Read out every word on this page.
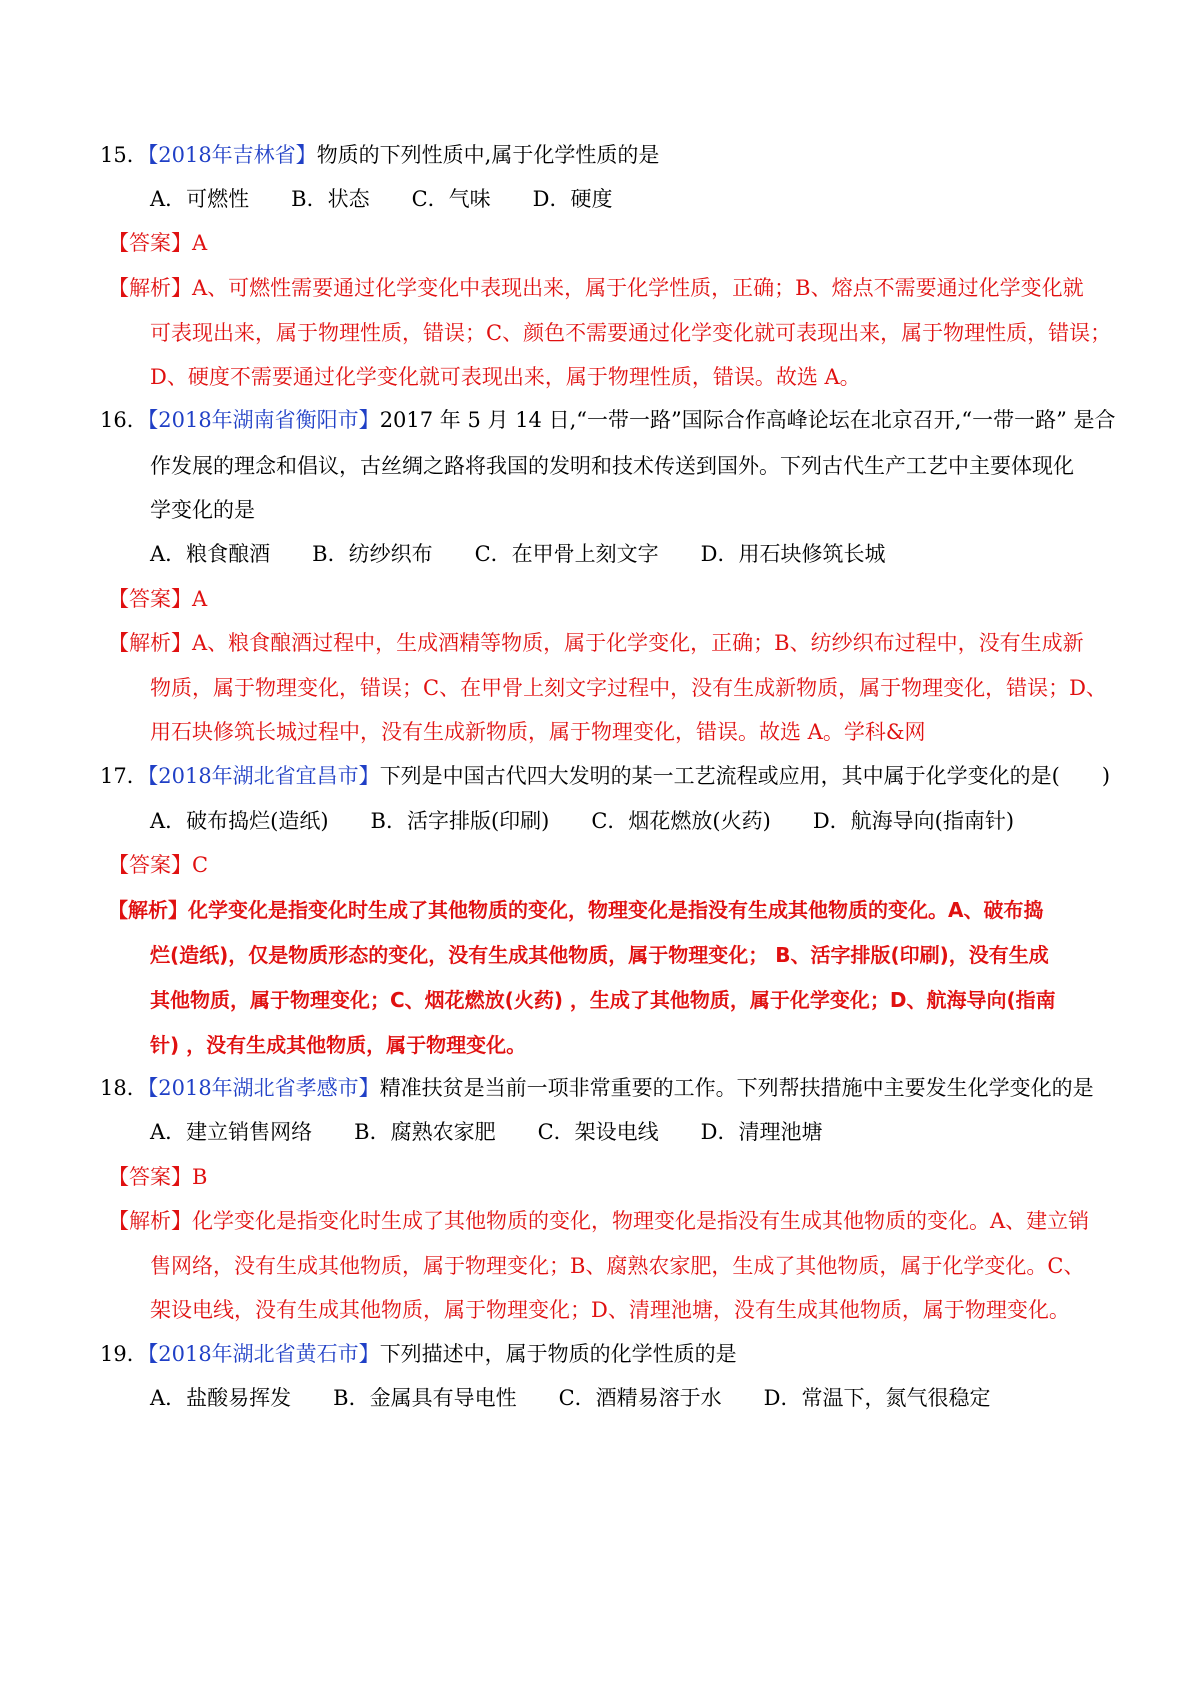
15．【2018年吉林省】物质的下列性质中,属于化学性质的是
A．可燃性　　B．状态　　C．气味　　D．硬度
【答案】A
【解析】A、可燃性需要通过化学变化中表现出来，属于化学性质，正确；B、熔点不需要通过化学变化就
可表现出来，属于物理性质，错误；C、颜色不需要通过化学变化就可表现出来，属于物理性质，错误；
D、硬度不需要通过化学变化就可表现出来，属于物理性质，错误。故选 A。
16．【2018年湖南省衡阳市】2017 年 5 月 14 日,“一带一路”国际合作高峰论坛在北京召开,“一带一路” 是合
作发展的理念和倡议，古丝绸之路将我国的发明和技术传送到国外。下列古代生产工艺中主要体现化
学变化的是
A．粮食酿酒　　B．纺纱织布　　C．在甲骨上刻文字　　D．用石块修筑长城
【答案】A
【解析】A、粮食酿酒过程中，生成酒精等物质，属于化学变化，正确；B、纺纱织布过程中，没有生成新
物质，属于物理变化，错误；C、在甲骨上刻文字过程中，没有生成新物质，属于物理变化，错误；D、
用石块修筑长城过程中，没有生成新物质，属于物理变化，错误。故选 A。学科&网
17．【2018年湖北省宜昌市】下列是中国古代四大发明的某一工艺流程或应用，其中属于化学变化的是(　　)
A．破布捣烂(造纸)　　B．活字排版(印刷)　　C．烟花燃放(火药)　　D．航海导向(指南针)
【答案】C
【解析】化学变化是指变化时生成了其他物质的变化，物理变化是指没有生成其他物质的变化。A、破布捣
烂(造纸)，仅是物质形态的变化，没有生成其他物质，属于物理变化； B、活字排版(印刷)，没有生成
其他物质，属于物理变化；C、烟花燃放(火药) ，生成了其他物质，属于化学变化；D、航海导向(指南
针) ，没有生成其他物质，属于物理变化。
18．【2018年湖北省孝感市】精准扶贫是当前一项非常重要的工作。下列帮扶措施中主要发生化学变化的是
A．建立销售网络　　B．腐熟农家肥　　C．架设电线　　D．清理池塘
【答案】B
【解析】化学变化是指变化时生成了其他物质的变化，物理变化是指没有生成其他物质的变化。A、建立销
售网络，没有生成其他物质，属于物理变化；B、腐熟农家肥，生成了其他物质，属于化学变化。C、
架设电线，没有生成其他物质，属于物理变化；D、清理池塘，没有生成其他物质，属于物理变化。
19．【2018年湖北省黄石市】下列描述中，属于物质的化学性质的是
A．盐酸易挥发　　B．金属具有导电性　　C．酒精易溶于水　　D．常温下，氮气很稳定
